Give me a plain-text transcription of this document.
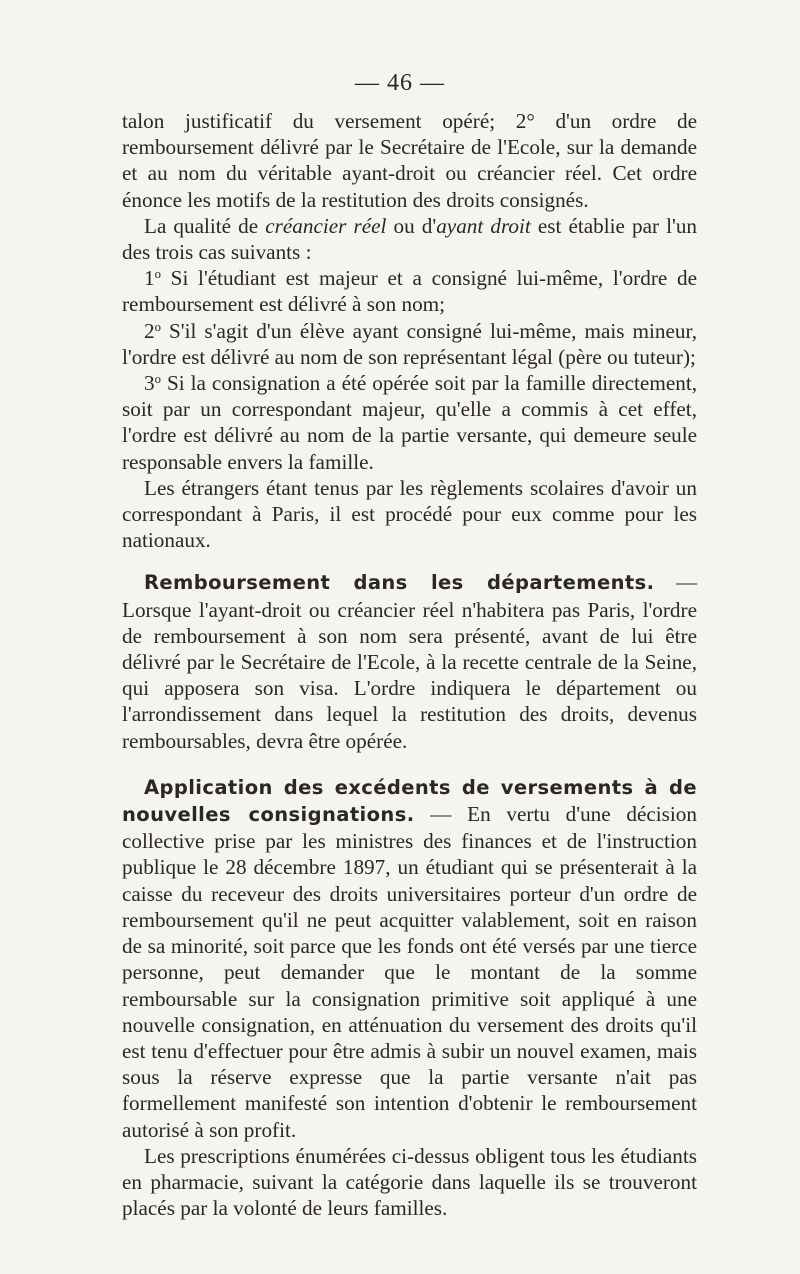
— 46 —

talon justificatif du versement opéré; 2° d'un ordre de remboursement délivré par le Secrétaire de l'Ecole, sur la demande et au nom du véritable ayant-droit ou créancier réel. Cet ordre énonce les motifs de la restitution des droits consignés.

La qualité de créancier réel ou d'ayant droit est établie par l'un des trois cas suivants :

1$^o$ Si l'étudiant est majeur et a consigné lui-même, l'ordre de remboursement est délivré à son nom;

2$^o$ S'il s'agit d'un élève ayant consigné lui-même, mais mineur, l'ordre est délivré au nom de son représentant légal (père ou tuteur);

3$^o$ Si la consignation a été opérée soit par la famille directement, soit par un correspondant majeur, qu'elle a commis à cet effet, l'ordre est délivré au nom de la partie versante, qui demeure seule responsable envers la famille.

Les étrangers étant tenus par les règlements scolaires d'avoir un correspondant à Paris, il est procédé pour eux comme pour les nationaux.

Remboursement dans les départements. — Lorsque l'ayant-droit ou créancier réel n'habitera pas Paris, l'ordre de remboursement à son nom sera présenté, avant de lui être délivré par le Secrétaire de l'Ecole, à la recette centrale de la Seine, qui apposera son visa. L'ordre indiquera le département ou l'arrondissement dans lequel la restitution des droits, devenus remboursables, devra être opérée.

Application des excédents de versements à de nouvelles consignations. — En vertu d'une décision collective prise par les ministres des finances et de l'instruction publique le 28 décembre 1897, un étudiant qui se présenterait à la caisse du receveur des droits universitaires porteur d'un ordre de remboursement qu'il ne peut acquitter valablement, soit en raison de sa minorité, soit parce que les fonds ont été versés par une tierce personne, peut demander que le montant de la somme remboursable sur la consignation primitive soit appliqué à une nouvelle consignation, en atténuation du versement des droits qu'il est tenu d'effectuer pour être admis à subir un nouvel examen, mais sous la réserve expresse que la partie versante n'ait pas formellement manifesté son intention d'obtenir le remboursement autorisé à son profit.

Les prescriptions énumérées ci-dessus obligent tous les étudiants en pharmacie, suivant la catégorie dans laquelle ils se trouveront placés par la volonté de leurs familles.
